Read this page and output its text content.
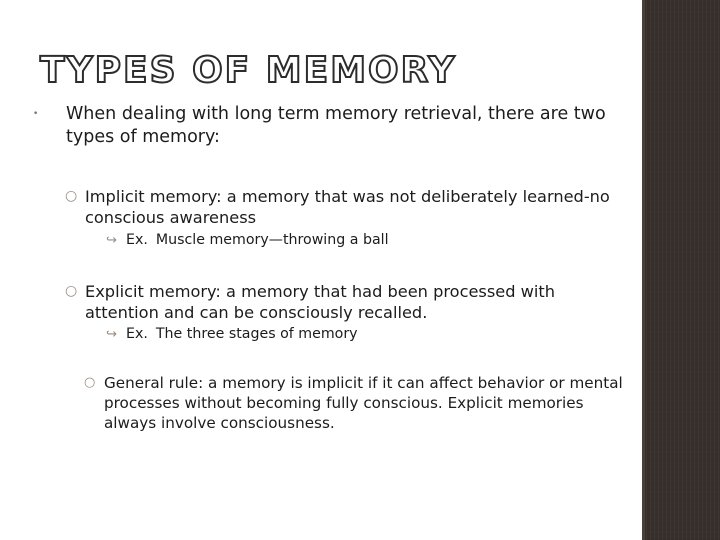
TYPES OF MEMORY
•	When dealing with long term memory retrieval, there are two types of memory:
○ Implicit memory: a memory that was not deliberately learned-no conscious awareness
↪ Ex. Muscle memory—throwing a ball
○ Explicit memory: a memory that had been processed with attention and can be consciously recalled.
↪ Ex. The three stages of memory
○ General rule: a memory is implicit if it can affect behavior or mental processes without becoming fully conscious. Explicit memories always involve consciousness.
